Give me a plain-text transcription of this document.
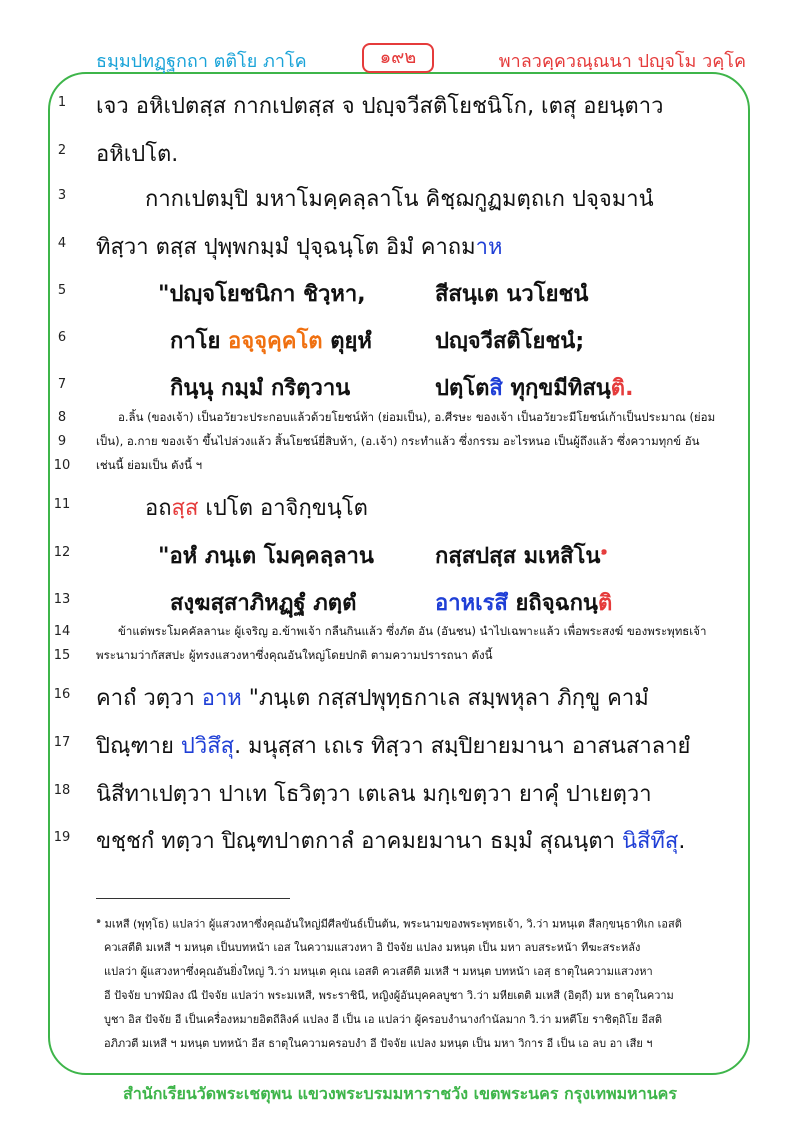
ธมฺมปทฏฺฐกถา ตติโย ภาโค	๑๙๒	พาลวคฺควณฺณนา ปญฺจโม วคฺโค
1	เจว อหิเปตสฺส กากเปตสฺส จ ปญฺจวีสติโยชนิโก, เตสุ อยนฺตาว
2	อหิเปโต.
3	กากเปตมฺปิ มหาโมคฺคลฺลาโน คิชฺฌกูฏมตฺถเก ปจฺจมานํ
4	ทิสฺวา ตสฺส ปุพฺพกมฺมํ ปุจฺฉนฺโต อิมํ คาถมาห
5	"ปญฺจโยชนิกา ชิวฺหา,	สีสนฺเต นวโยชนํ
6	กาโย อจฺจุคฺคโต ตุยฺหํ	ปญฺจวีสติโยชนํ;
7	กินฺนุ กมฺมํ กริตฺวาน	ปตฺโตสิ ทุกฺขมีทิสนฺติ.
8	อ.ลิ้น (ของเจ้า) เป็นอวัยวะประกอบแล้วด้วยโยชน์ห้า (ย่อมเป็น), อ.ศีรษะ ของเจ้า เป็นอวัยวะมีโยชน์เก้าเป็นประมาณ (ย่อม
9	เป็น), อ.กาย ของเจ้า ขึ้นไปล่วงแล้ว สิ้นโยชน์ยี่สิบห้า, (อ.เจ้า) กระทำแล้ว ซึ่งกรรม อะไรหนอ เป็นผู้ถึงแล้ว ซึ่งความทุกข์ อัน
10	เช่นนี้ ย่อมเป็น ดังนี้ ฯ
11	อถสฺส เปโต อาจิกฺขนฺโต
12	"อหํ ภนฺเต โมคฺคลฺลาน	กสฺสปสฺส มเหสิโน$^๑$
13	สงฺฆสฺสาภิหฏฺฐํ ภตฺตํ	อาหเรสึ ยถิจฺฉกนฺติ
14	ข้าแต่พระโมคคัลลานะ ผู้เจริญ อ.ข้าพเจ้า กลืนกินแล้ว ซึ่งภัต อัน (อันชน) นำไปเฉพาะแล้ว เพื่อพระสงฆ์ ของพระพุทธเจ้า
15	พระนามว่ากัสสปะ ผู้ทรงแสวงหาซึ่งคุณอันใหญ่โดยปกติ ตามความปรารถนา ดังนี้
16 คาถํ วตฺวา อาห "ภนฺเต กสฺสปพุทฺธกาเล สมฺพหุลา ภิกฺขู คามํ
17 ปิณฺฑาย ปวิสึสุ. มนุสฺสา เถเร ทิสฺวา สมฺปิยายมานา อาสนสาลายํ
18 นิสีทาเปตฺวา ปาเท โธวิตฺวา เตเลน มกฺเขตฺวา ยาคุํ ปาเยตฺวา
19 ขชฺชกํ ทตฺวา ปิณฺฑปาตกาลํ อาคมยมานา ธมฺมํ สุณนฺตา นิสีทึสุ.
$^๑$ มเหสี (พุทฺโธ) แปลว่า ผู้แสวงหาซึ่งคุณอันใหญ่มีศีลขันธ์เป็นต้น, พระนามของพระพุทธเจ้า, วิ.ว่า มหนฺเต สีลกฺขนฺธาทิเก เอสติ
ควเสตีติ มเหสี ฯ มหนฺต เป็นบทหน้า เอส ในความแสวงหา อิ ปัจจัย แปลง มหนฺต เป็น มหา ลบสระหน้า ทีฆะสระหลัง
แปลว่า ผู้แสวงหาซึ่งคุณอันยิ่งใหญ่ วิ.ว่า มหนฺเต คุเณ เอสติ ควเสตีติ มเหสี ฯ มหนฺต บทหน้า เอสฺ ธาตุในความแสวงหา
อี ปัจจัย บาฬมิลง ณี ปัจจัย แปลว่า พระมเหสี, พระราชินี, หญิงผู้อันบุคคลบูชา วิ.ว่า มหียเตติ มเหสี (อิตฺถี) มห ธาตุในความ
บูชา อิส ปัจจัย อี เป็นเครื่องหมายอิตถีลิงค์ แปลง อี เป็น เอ แปลว่า ผู้ครอบงำนางกำนัลมาก วิ.ว่า มหตีโย ราชิตฺถิโย อีสติ
อภิภวตี มเหสี ฯ มหนฺต บทหน้า อีส ธาตุในความครอบงำ อี ปัจจัย แปลง มหนฺต เป็น มหา วิการ อี เป็น เอ ลบ อา เสีย ฯ
สำนักเรียนวัดพระเชตุพน แขวงพระบรมมหาราชวัง เขตพระนคร กรุงเทพมหานคร
